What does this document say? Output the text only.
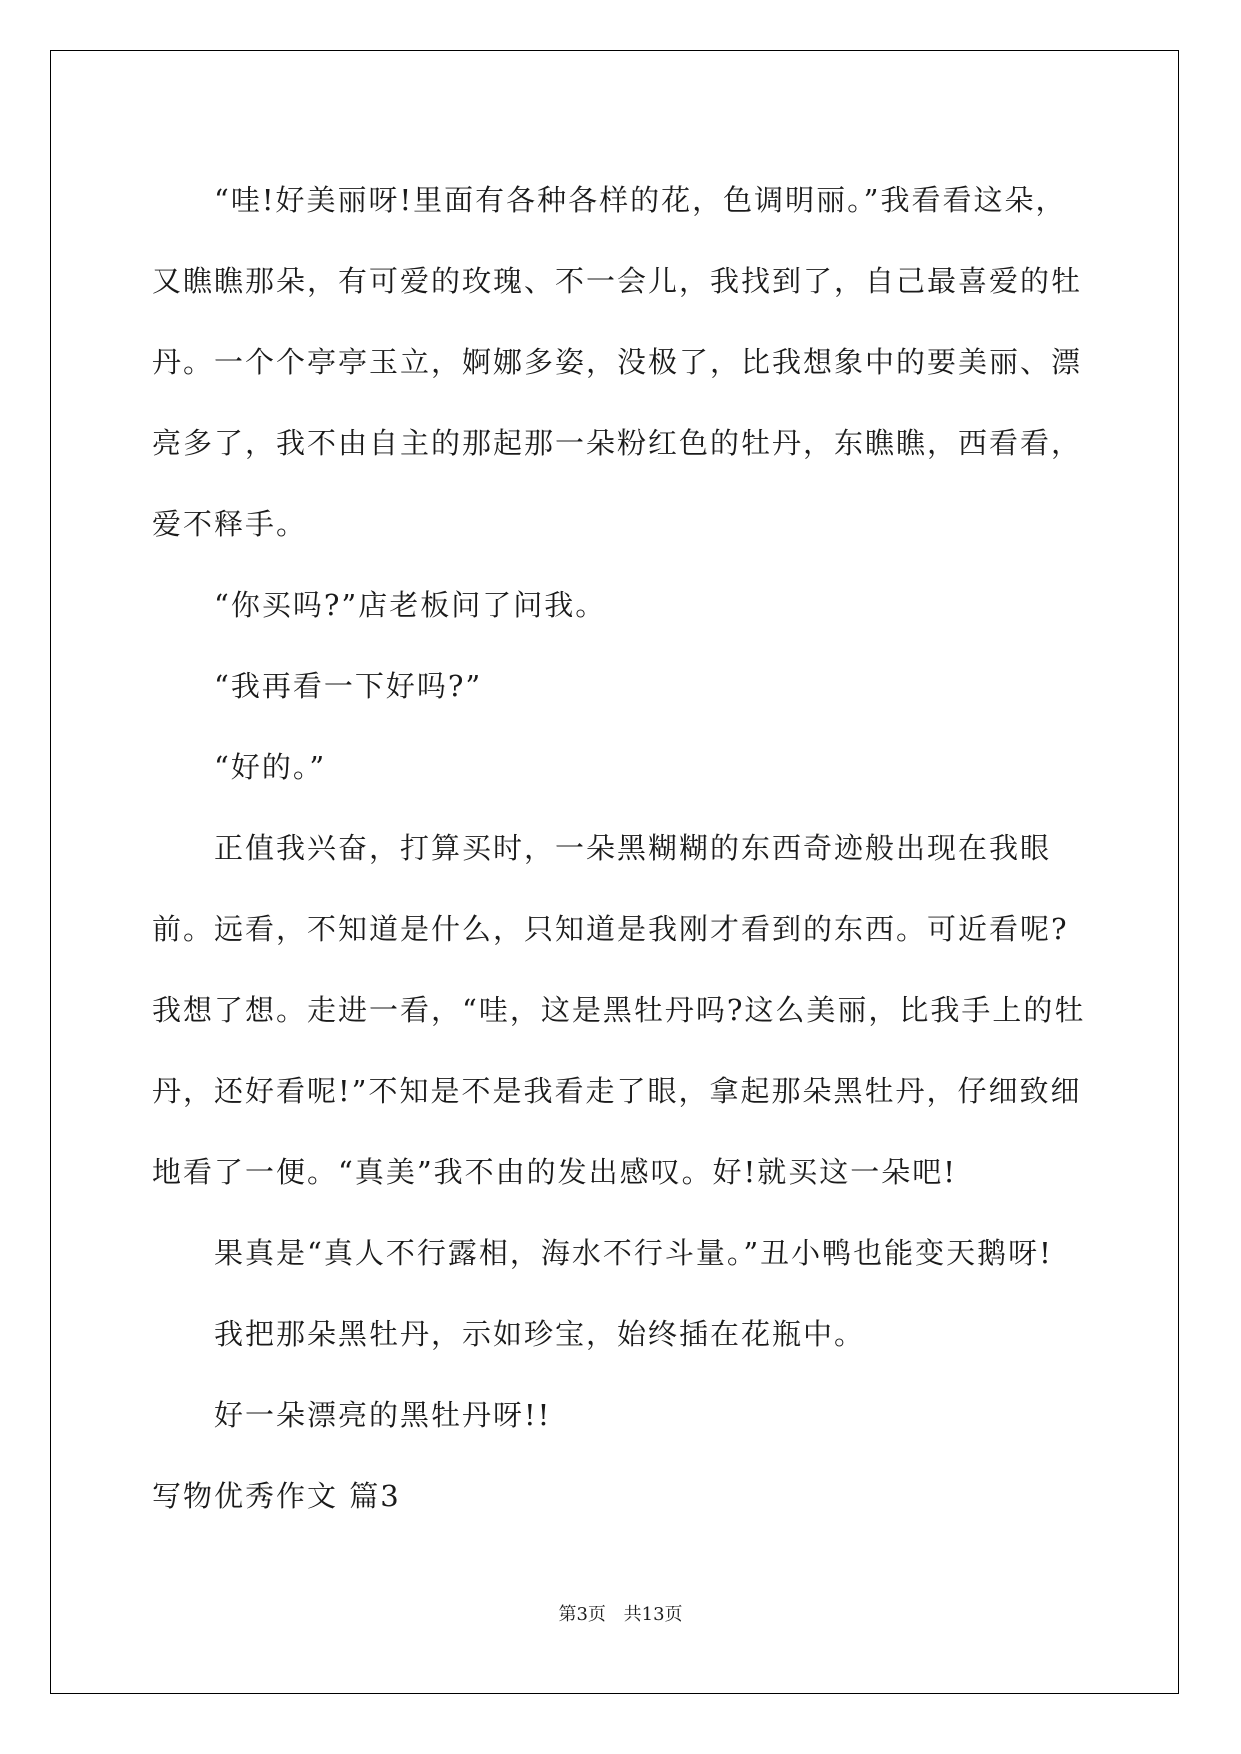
“哇!好美丽呀!里面有各种各样的花，色调明丽。”我看看这朵，又瞧瞧那朵，有可爱的玫瑰、不一会儿，我找到了，自己最喜爱的牡丹。一个个亭亭玉立，婀娜多姿，没极了，比我想象中的要美丽、漂亮多了，我不由自主的那起那一朵粉红色的牡丹，东瞧瞧，西看看，爱不释手。

“你买吗?”店老板问了问我。

“我再看一下好吗?”

“好的。”

正值我兴奋，打算买时，一朵黑糊糊的东西奇迹般出现在我眼前。远看，不知道是什么，只知道是我刚才看到的东西。可近看呢?我想了想。走进一看，“哇，这是黑牡丹吗?这么美丽，比我手上的牡丹，还好看呢!”不知是不是我看走了眼，拿起那朵黑牡丹，仔细致细地看了一便。“真美”我不由的发出感叹。好!就买这一朵吧!

果真是“真人不行露相，海水不行斗量。”丑小鸭也能变天鹅呀!

我把那朵黑牡丹，示如珍宝，始终插在花瓶中。

好一朵漂亮的黑牡丹呀!!

写物优秀作文 篇3

第3页 共13页
